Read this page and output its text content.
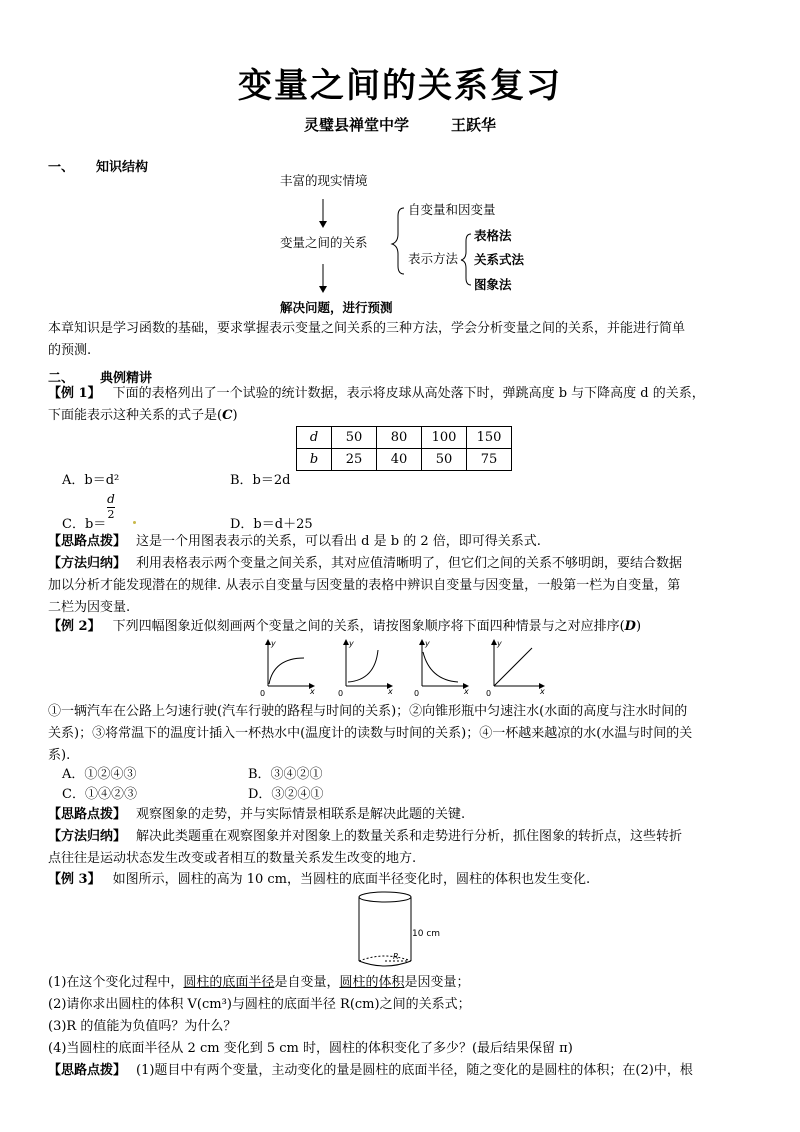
变量之间的关系复习
灵璧县禅堂中学	王跃华
一、 知识结构
丰富的现实情境
变量之间的关系
解决问题，进行预测
自变量和因变量
表示方法
表格法
关系式法
图象法
本章知识是学习函数的基础，要求掌握表示变量之间关系的三种方法，学会分析变量之间的关系，并能进行简单
的预测.
二、 典例精讲
【例 1】 下面的表格列出了一个试验的统计数据，表示将皮球从高处落下时，弹跳高度 b 与下降高度 d 的关系，
下面能表示这种关系的式子是(C)
d	50	80	100	150
b	25	40	50	75
A．b＝d²	B．b＝2d
C．b＝
d
2
D．b＝d＋25
【思路点拨】 这是一个用图表表示的关系，可以看出 d 是 b 的 2 倍，即可得关系式.
【方法归纳】 利用表格表示两个变量之间关系，其对应值清晰明了，但它们之间的关系不够明朗，要结合数据
加以分析才能发现潜在的规律. 从表示自变量与因变量的表格中辨识自变量与因变量，一般第一栏为自变量，第
二栏为因变量.
【例 2】 下列四幅图象近似刻画两个变量之间的关系，请按图象顺序将下面四种情景与之对应排序(D)
y
x
0
y
x
0
y
x
0
y
x
0
①一辆汽车在公路上匀速行驶(汽车行驶的路程与时间的关系)；②向锥形瓶中匀速注水(水面的高度与注水时间的
关系)；③将常温下的温度计插入一杯热水中(温度计的读数与时间的关系)；④一杯越来越凉的水(水温与时间的关
系).
A．①②④③	B．③④②①
C．①④②③	D．③②④①
【思路点拨】 观察图象的走势，并与实际情景相联系是解决此题的关键.
【方法归纳】 解决此类题重在观察图象并对图象上的数量关系和走势进行分析，抓住图象的转折点，这些转折
点往往是运动状态发生改变或者相互的数量关系发生改变的地方.
【例 3】 如图所示，圆柱的高为 10 cm，当圆柱的底面半径变化时，圆柱的体积也发生变化.
10 cm
R
(1)在这个变化过程中，圆柱的底面半径是自变量，圆柱的体积是因变量；
(2)请你求出圆柱的体积 V(cm³)与圆柱的底面半径 R(cm)之间的关系式；
(3)R 的值能为负值吗？为什么？
(4)当圆柱的底面半径从 2 cm 变化到 5 cm 时，圆柱的体积变化了多少？(最后结果保留 π)
【思路点拨】 (1)题目中有两个变量，主动变化的量是圆柱的底面半径，随之变化的是圆柱的体积；在(2)中，根
